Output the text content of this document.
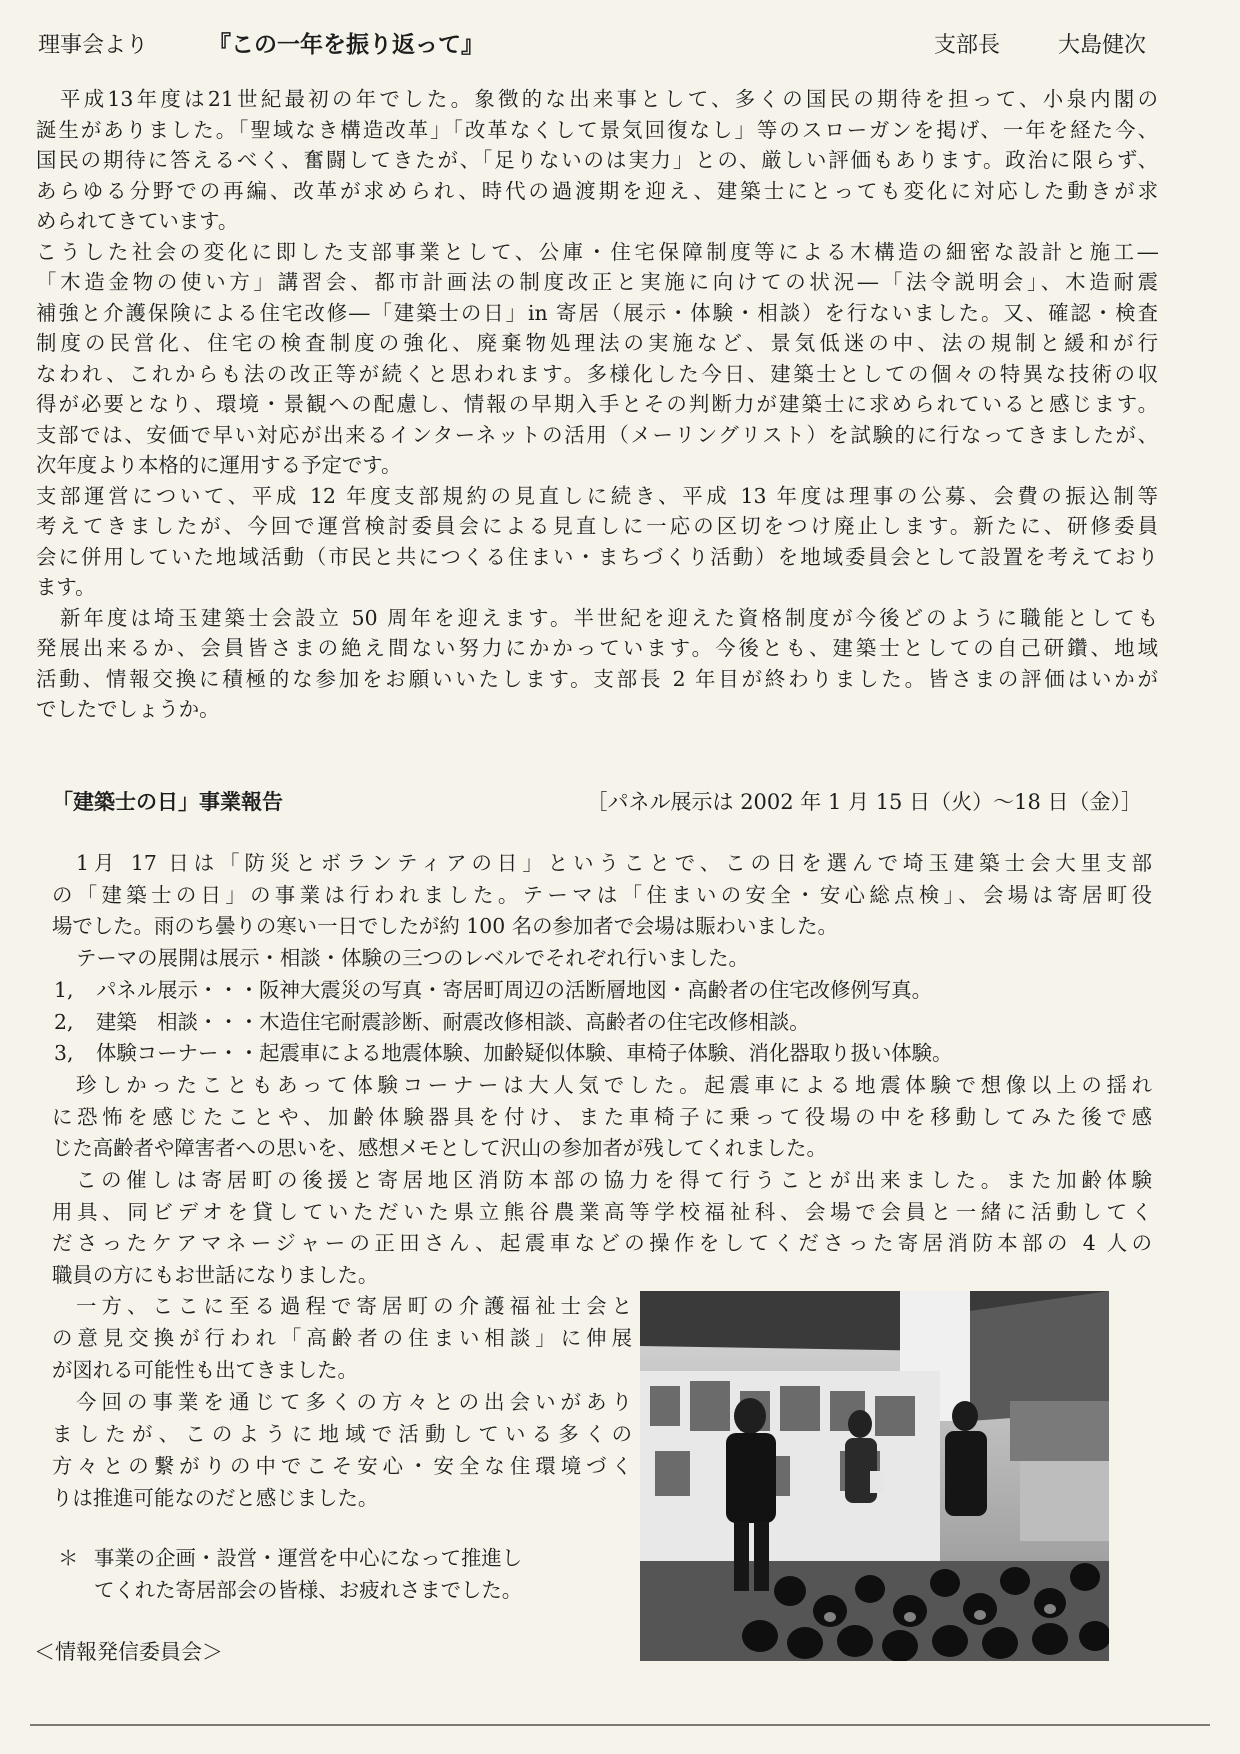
理事会より	『この一年を振り返って』	支部長	大島健次

平成13年度は21世紀最初の年でした。象徴的な出来事として、多くの国民の期待を担って、小泉内閣の

誕生がありました。「聖域なき構造改革」「改革なくして景気回復なし」等のスローガンを掲げ、一年を経た今、

国民の期待に答えるべく、奮闘してきたが、「足りないのは実力」との、厳しい評価もあります。政治に限らず、

あらゆる分野での再編、改革が求められ、時代の過渡期を迎え、建築士にとっても変化に対応した動きが求

められてきています。

こうした社会の変化に即した支部事業として、公庫・住宅保障制度等による木構造の細密な設計と施工―

「木造金物の使い方」講習会、都市計画法の制度改正と実施に向けての状況―「法令説明会」、木造耐震

補強と介護保険による住宅改修―「建築士の日」in 寄居（展示・体験・相談）を行ないました。又、確認・検査

制度の民営化、住宅の検査制度の強化、廃棄物処理法の実施など、景気低迷の中、法の規制と緩和が行

なわれ、これからも法の改正等が続くと思われます。多様化した今日、建築士としての個々の特異な技術の収

得が必要となり、環境・景観への配慮し、情報の早期入手とその判断力が建築士に求められていると感じます。

支部では、安価で早い対応が出来るインターネットの活用（メーリングリスト）を試験的に行なってきましたが、

次年度より本格的に運用する予定です。

支部運営について、平成 12 年度支部規約の見直しに続き、平成 13 年度は理事の公募、会費の振込制等

考えてきましたが、今回で運営検討委員会による見直しに一応の区切をつけ廃止します。新たに、研修委員

会に併用していた地域活動（市民と共につくる住まい・まちづくり活動）を地域委員会として設置を考えており

ます。

新年度は埼玉建築士会設立 50 周年を迎えます。半世紀を迎えた資格制度が今後どのように職能としても

発展出来るか、会員皆さまの絶え間ない努力にかかっています。今後とも、建築士としての自己研鑽、地域

活動、情報交換に積極的な参加をお願いいたします。支部長 2 年目が終わりました。皆さまの評価はいかが

でしたでしょうか。

「建築士の日」事業報告	［パネル展示は 2002 年 1 月 15 日（火）～18 日（金）］

1月 17 日は「防災とボランティアの日」ということで、この日を選んで埼玉建築士会大里支部

の「建築士の日」の事業は行われました。テーマは「住まいの安全・安心総点検」、会場は寄居町役

場でした。雨のち曇りの寒い一日でしたが約 100 名の参加者で会場は賑わいました。

テーマの展開は展示・相談・体験の三つのレベルでそれぞれ行いました。

1, パネル展示・・・阪神大震災の写真・寄居町周辺の活断層地図・高齢者の住宅改修例写真。

2, 建築　相談・・・木造住宅耐震診断、耐震改修相談、高齢者の住宅改修相談。

3, 体験コーナー・・起震車による地震体験、加齢疑似体験、車椅子体験、消化器取り扱い体験。

珍しかったこともあって体験コーナーは大人気でした。起震車による地震体験で想像以上の揺れ

に恐怖を感じたことや、加齢体験器具を付け、また車椅子に乗って役場の中を移動してみた後で感

じた高齢者や障害者への思いを、感想メモとして沢山の参加者が残してくれました。

この催しは寄居町の後援と寄居地区消防本部の協力を得て行うことが出来ました。また加齢体験

用具、同ビデオを貸していただいた県立熊谷農業高等学校福祉科、会場で会員と一緒に活動してく

ださったケアマネージャーの正田さん、起震車などの操作をしてくださった寄居消防本部の 4 人の

職員の方にもお世話になりました。

一方、ここに至る過程で寄居町の介護福祉士会と

の意見交換が行われ「高齢者の住まい相談」に伸展

が図れる可能性も出てきました。

今回の事業を通じて多くの方々との出会いがあり

ましたが、このように地域で活動している多くの

方々との繋がりの中でこそ安心・安全な住環境づく

りは推進可能なのだと感じました。

＊ 事業の企画・設営・運営を中心になって推進し
てくれた寄居部会の皆様、お疲れさまでした。
＜情報発信委員会＞
